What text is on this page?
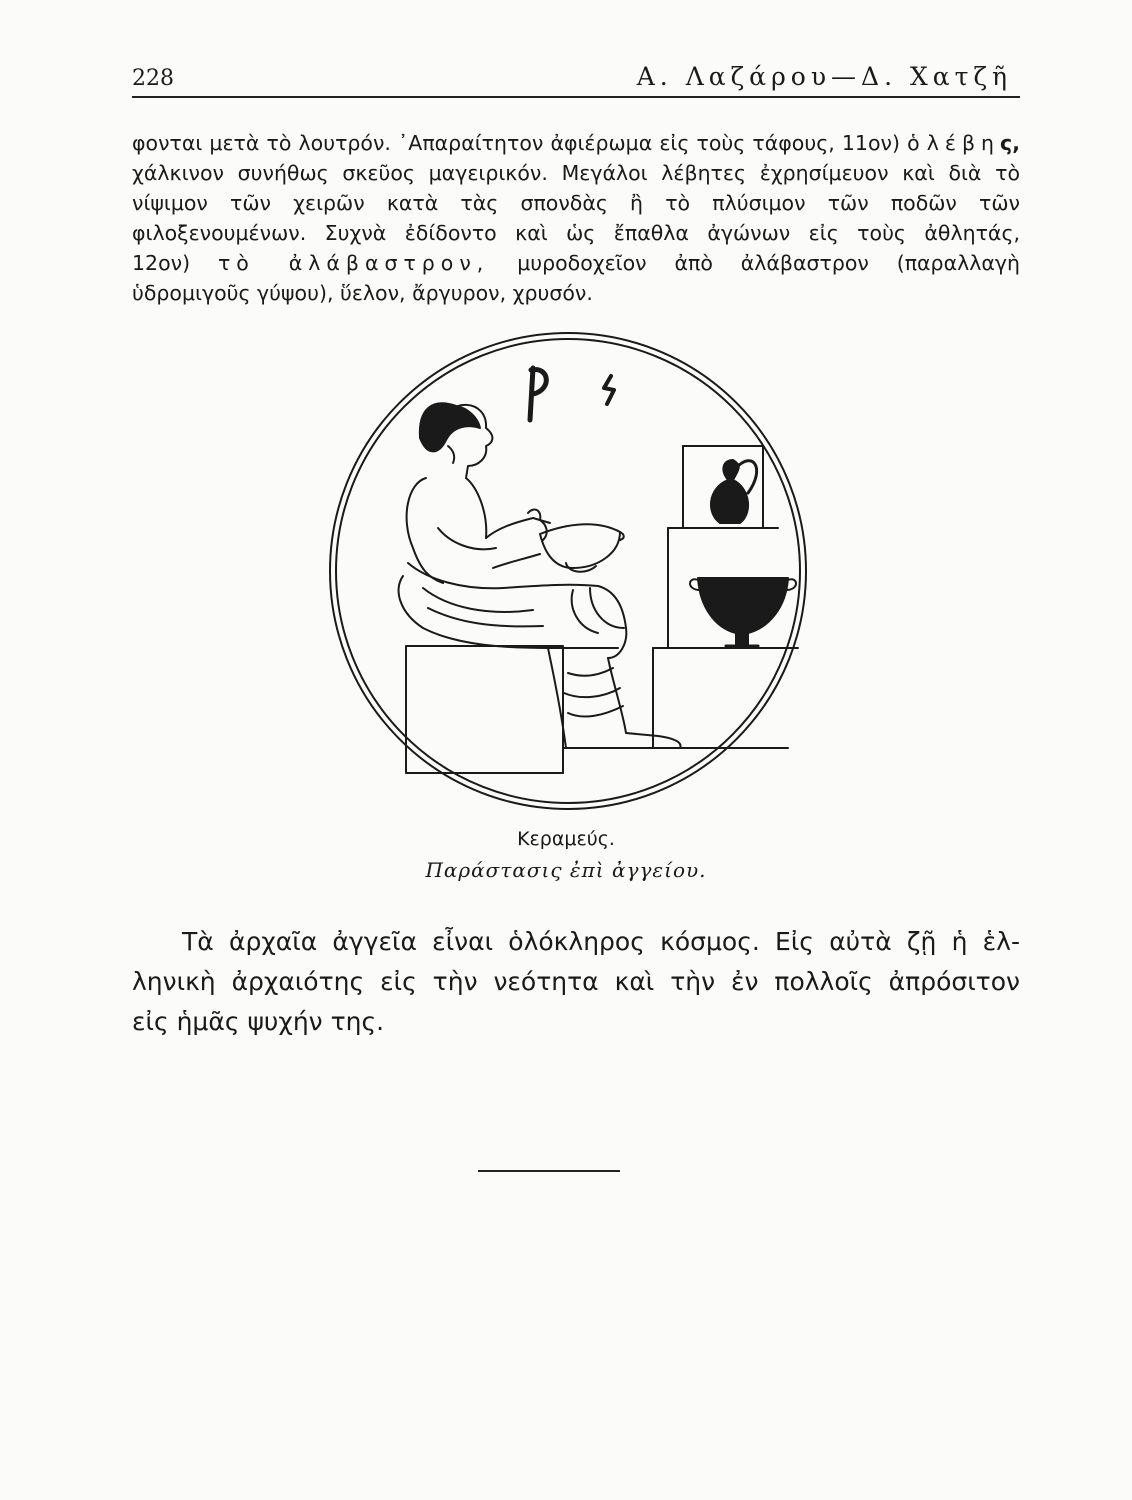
228	Α. Λαζάρου—Δ. Χατζῆ

φονται μετὰ τὸ λουτρόν. ᾿Απαραίτητον ἀφιέρωμα εἰς τοὺς τάφους, 11ον) ὁ λέβης,

χάλκινον συνήθως σκεῦος μαγειρικόν. Μεγάλοι λέβητες ἐχρησίμευον καὶ διὰ τὸ

νίψιμον τῶν χειρῶν κατὰ τὰς σπονδὰς ἢ τὸ πλύσιμον τῶν ποδῶν τῶν

φιλοξενουμένων. Συχνὰ ἐδίδοντο καὶ ὡς ἔπαθλα ἀγώνων εἰς τοὺς ἀθλητάς,

12ον) τὸ ἀλάβαστρον, μυροδοχεῖον ἀπὸ ἀλάβαστρον (παραλλαγὴ

ὑδρομιγοῦς γύψου), ὕελον, ἄργυρον, χρυσόν.

Κεραμεύς.
Παράστασις ἐπὶ ἀγγείου.

Τὰ ἀρχαῖα ἀγγεῖα εἶναι ὁλόκληρος κόσμος. Εἰς αὐτὰ ζῇ ἡ ἑλ-

ληνικὴ ἀρχαιότης εἰς τὴν νεότητα καὶ τὴν ἐν πολλοῖς ἀπρόσιτον

εἰς ἡμᾶς ψυχήν της.
